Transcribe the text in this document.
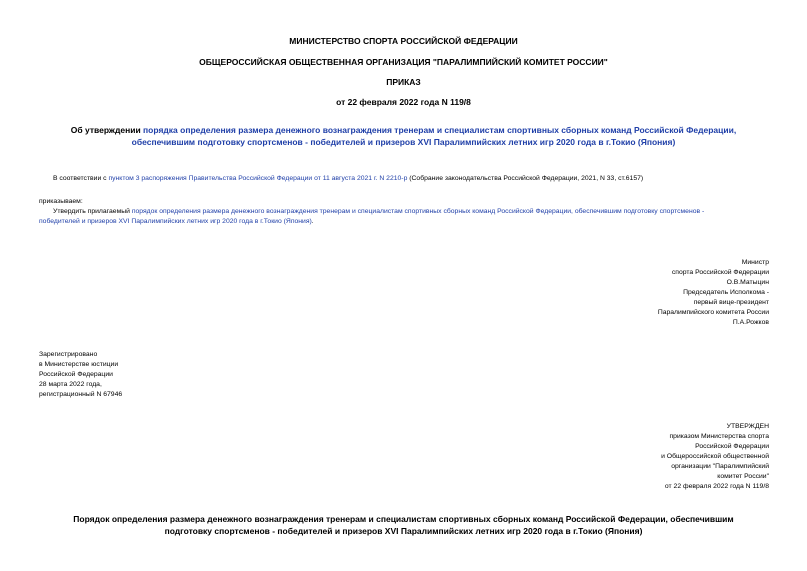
МИНИСТЕРСТВО СПОРТА РОССИЙСКОЙ ФЕДЕРАЦИИ
ОБЩЕРОССИЙСКАЯ ОБЩЕСТВЕННАЯ ОРГАНИЗАЦИЯ "ПАРАЛИМПИЙСКИЙ КОМИТЕТ РОССИИ"
ПРИКАЗ
от 22 февраля 2022 года N 119/8
Об утверждении порядка определения размера денежного вознаграждения тренерам и специалистам спортивных сборных команд Российской Федерации,
обеспечившим подготовку спортсменов - победителей и призеров XVI Паралимпийских летних игр 2020 года в г.Токио (Япония)
В соответствии с пунктом 3 распоряжения Правительства Российской Федерации от 11 августа 2021 г. N 2210-р (Собрание законодательства Российской Федерации, 2021, N 33, ст.6157)
приказываем:
Утвердить прилагаемый порядок определения размера денежного вознаграждения тренерам и специалистам спортивных сборных команд Российской Федерации, обеспечившим подготовку спортсменов -
победителей и призеров XVI Паралимпийских летних игр 2020 года в г.Токио (Япония).
Министр
спорта Российской Федерации
О.В.Матыцин
Председатель Исполкома -
первый вице-президент
Паралимпийского комитета России
П.А.Рожков
Зарегистрировано
в Министерстве юстиции
Российской Федерации
28 марта 2022 года,
регистрационный N 67946
УТВЕРЖДЕН
приказом Министерства спорта
Российской Федерации
и Общероссийской общественной
организации "Паралимпийский
комитет России"
от 22 февраля 2022 года N 119/8
Порядок определения размера денежного вознаграждения тренерам и специалистам спортивных сборных команд Российской Федерации, обеспечившим
подготовку спортсменов - победителей и призеров XVI Паралимпийских летних игр 2020 года в г.Токио (Япония)
